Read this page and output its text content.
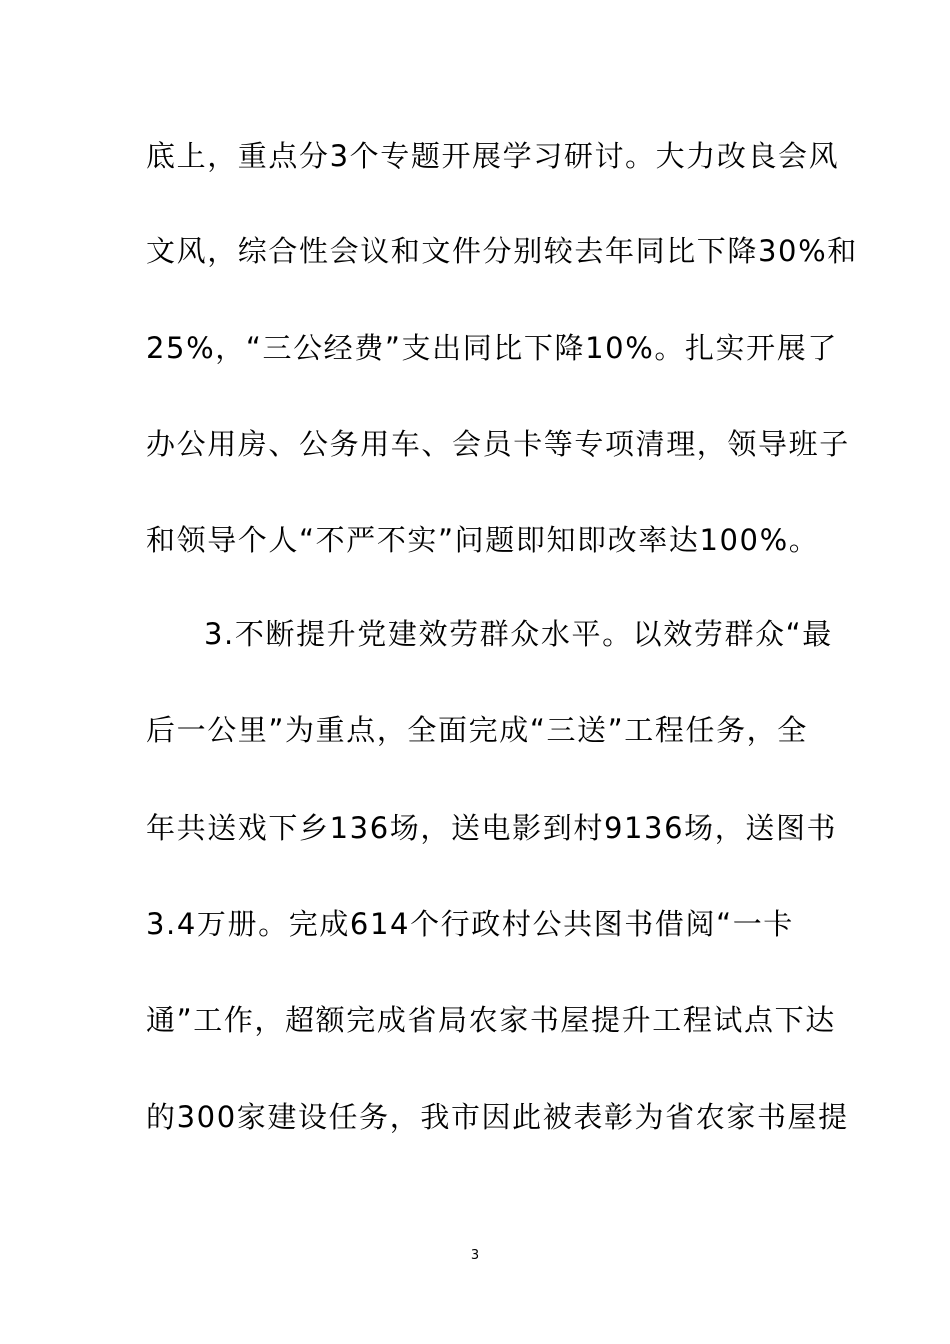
底上，重点分3个专题开展学习研讨。大力改良会风
文风，综合性会议和文件分别较去年同比下降30%和
25%，“三公经费”支出同比下降10%。扎实开展了
办公用房、公务用车、会员卡等专项清理，领导班子
和领导个人“不严不实”问题即知即改率达100%。
3.不断提升党建效劳群众水平。以效劳群众“最
后一公里”为重点，全面完成“三送”工程任务，全
年共送戏下乡136场，送电影到村9136场，送图书
3.4万册。完成614个行政村公共图书借阅“一卡
通”工作，超额完成省局农家书屋提升工程试点下达
的300家建设任务，我市因此被表彰为省农家书屋提
3
